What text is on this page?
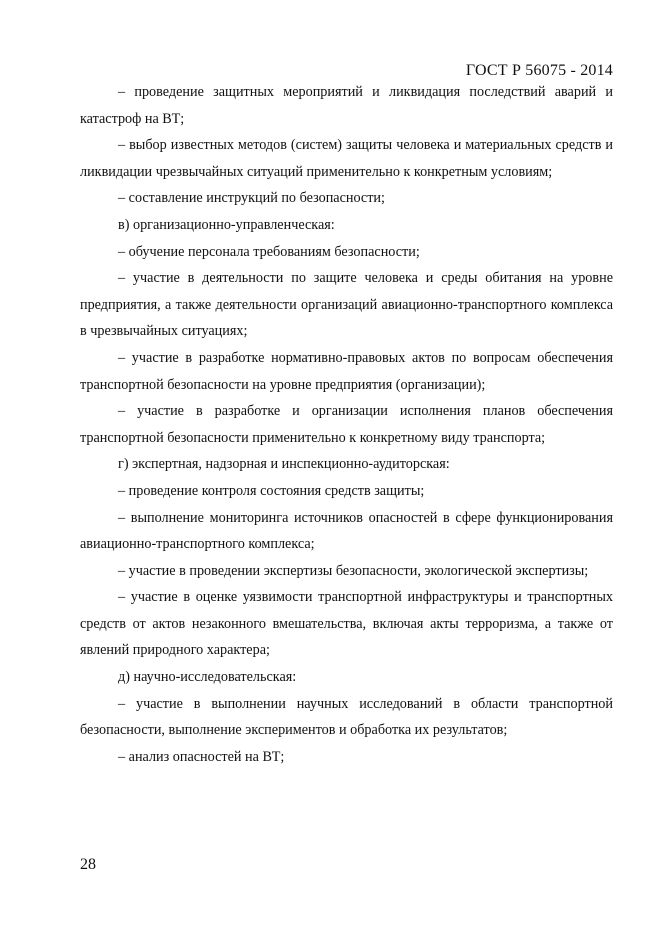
ГОСТ Р 56075 - 2014

– проведение защитных мероприятий и ликвидация последствий аварий и катастроф на ВТ;

– выбор известных методов (систем) защиты человека и материальных средств и ликвидации чрезвычайных ситуаций применительно к конкретным условиям;

– составление инструкций по безопасности;

в) организационно-управленческая:

– обучение персонала требованиям безопасности;

– участие в деятельности по защите человека и среды обитания на уровне предприятия, а также деятельности организаций авиационно-транспортного комплекса в чрезвычайных ситуациях;

– участие в разработке нормативно-правовых актов по вопросам обеспечения транспортной безопасности на уровне предприятия (организации);

– участие в разработке и организации исполнения планов обеспечения транспортной безопасности применительно к конкретному виду транспорта;

г) экспертная, надзорная и инспекционно-аудиторская:

– проведение контроля состояния средств защиты;

– выполнение мониторинга источников опасностей в сфере функционирования авиационно-транспортного комплекса;

– участие в проведении экспертизы безопасности, экологической экспертизы;

– участие в оценке уязвимости транспортной инфраструктуры и транспортных средств от актов незаконного вмешательства, включая акты терроризма, а также от явлений природного характера;

д) научно-исследовательская:

– участие в выполнении научных исследований в области транспортной безопасности, выполнение экспериментов и обработка их результатов;

– анализ опасностей на ВТ;

28
